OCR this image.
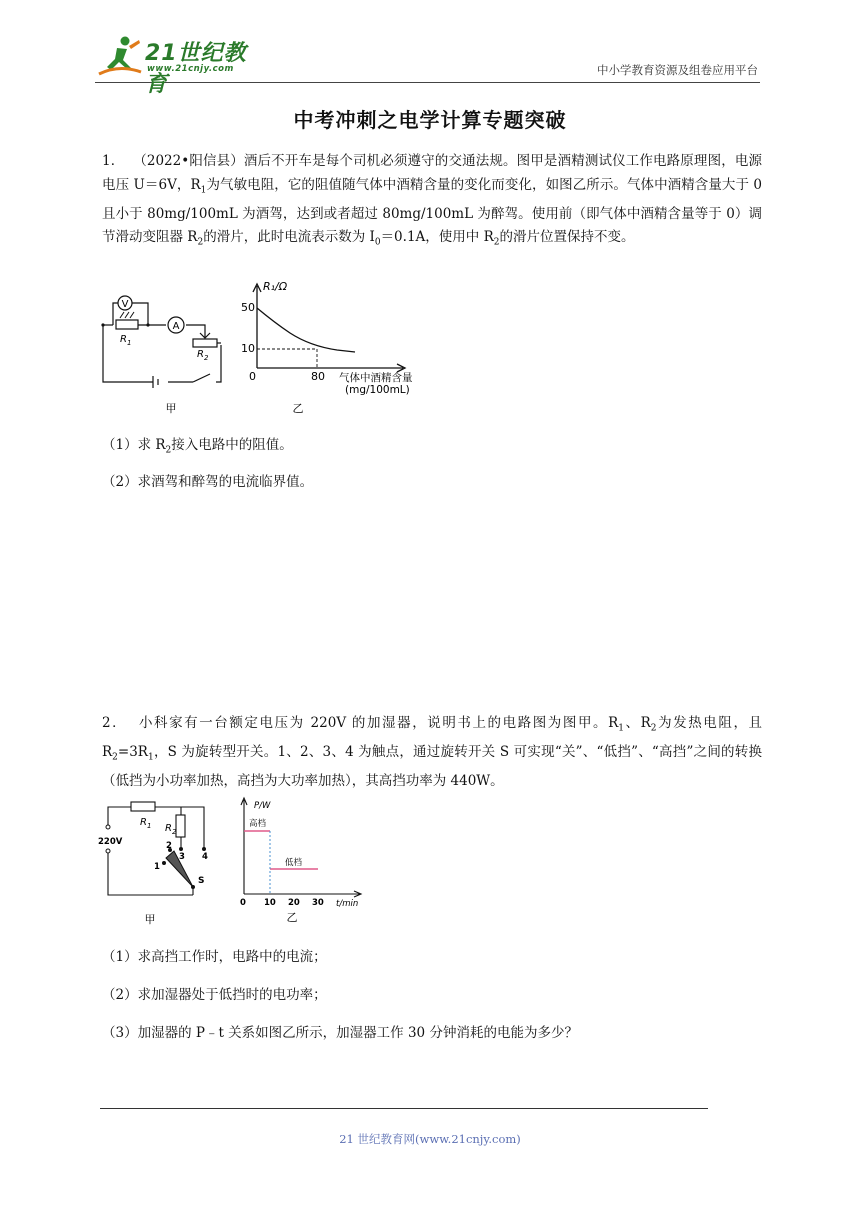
21世纪教育
www.21cnjy.com	中小学教育资源及组卷应用平台
中考冲刺之电学计算专题突破
1．  （2022•阳信县）酒后不开车是每个司机必须遵守的交通法规。图甲是酒精测试仪工作电路原理图，电源电压 U＝6V，$R_1$为气敏电阻，它的阻值随气体中酒精含量的变化而变化，如图乙所示。气体中酒精含量大于 0 且小于 80mg/100mL 为酒驾，达到或者超过 80mg/100mL 为醉驾。使用前（即气体中酒精含量等于 0）调节滑动变阻器 $R_2$的滑片，此时电流表示数为 $I_0=0.1A$，使用中 $R_2$的滑片位置保持不变。
V
A
$R_1$
$R_2$
甲
R₁/Ω
50
10
0	80 气体中酒精含量
(mg/100mL)
乙
（1）求 $R_2$接入电路中的阻值。
（2）求酒驾和醉驾的电流临界值。
2．  小科家有一台额定电压为 220V 的加湿器，说明书上的电路图为图甲。$R_1$、$R_2$为发热电阻，且 $R_2=3R_1$，S 为旋转型开关。1、2、3、4 为触点，通过旋转开关 S 可实现“关”、“低挡”、“高挡”之间的转换（低挡为小功率加热，高挡为大功率加热），其高挡功率为 440W。
$R_1$ $R_2$
220V
1
2
3 4
S
甲
P/W
高档
低档
0 10 20 30 t/min
乙
（1）求高挡工作时，电路中的电流；
（2）求加湿器处于低挡时的电功率；
（3）加湿器的 P﹣t 关系如图乙所示，加湿器工作 30 分钟消耗的电能为多少？
21 世纪教育网(www.21cnjy.com)
